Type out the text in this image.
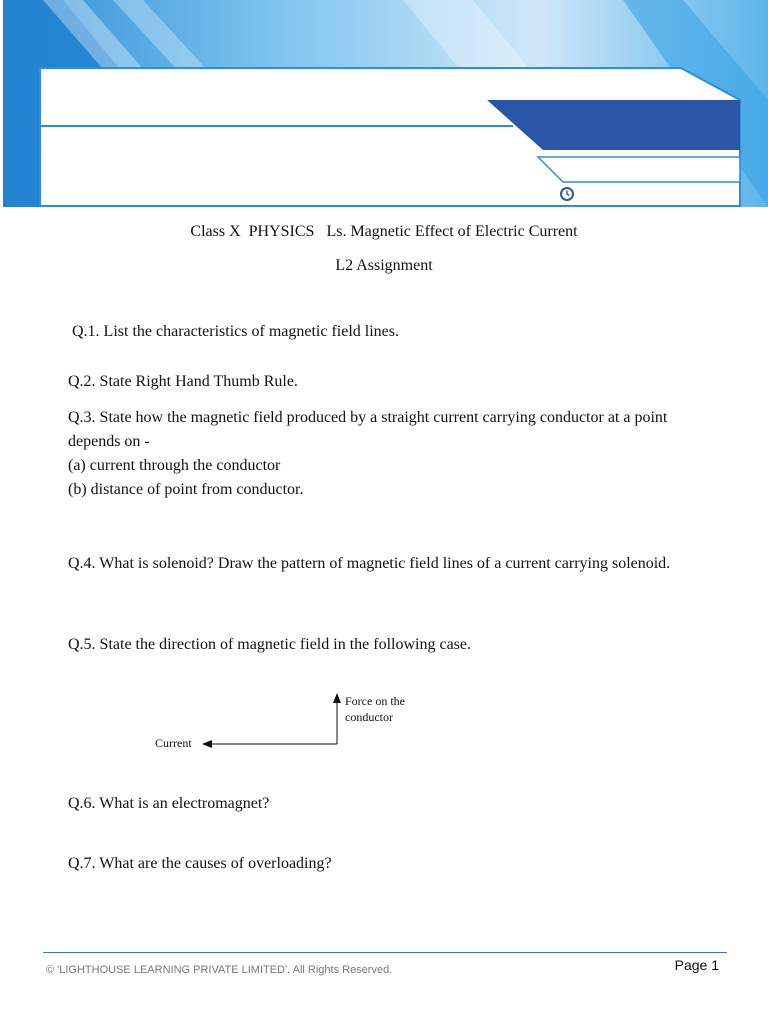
Class X  PHYSICS   Ls. Magnetic Effect of Electric Current
L2 Assignment
Q.1. List the characteristics of magnetic field lines.
Q.2. State Right Hand Thumb Rule.
Q.3. State how the magnetic field produced by a straight current carrying conductor at a point depends on -
(a) current through the conductor
(b) distance of point from conductor.
Q.4. What is solenoid? Draw the pattern of magnetic field lines of a current carrying solenoid.
Q.5. State the direction of magnetic field in the following case.
Current
Force on the
conductor
Q.6. What is an electromagnet?
Q.7. What are the causes of overloading?
© 'LIGHTHOUSE LEARNING PRIVATE LIMITED'. All Rights Reserved.	Page 1
